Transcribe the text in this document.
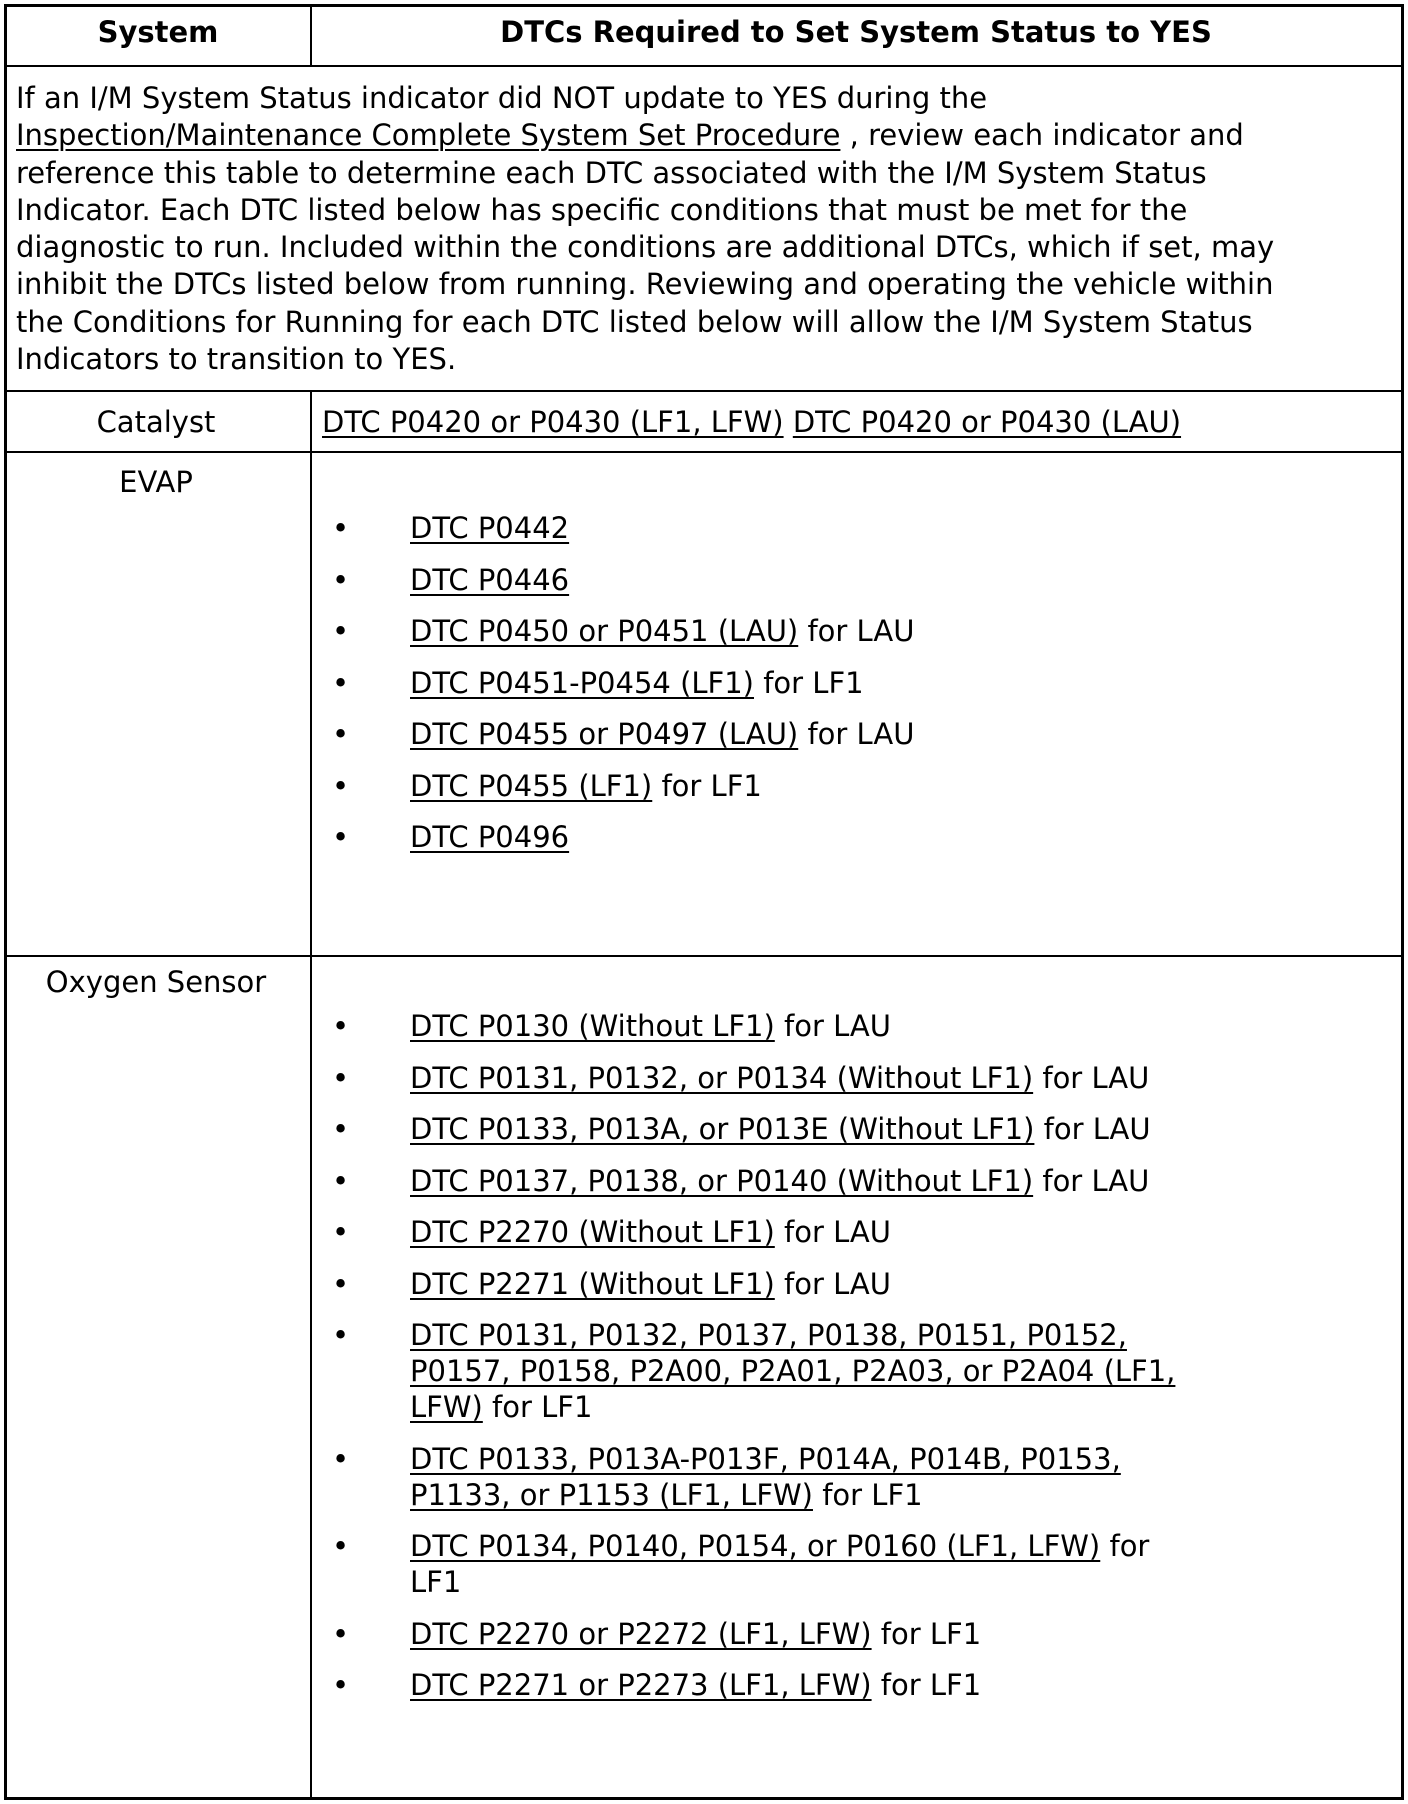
System	DTCs Required to Set System Status to YES
If an I/M System Status indicator did NOT update to YES during the
Inspection/Maintenance Complete System Set Procedure , review each indicator and
reference this table to determine each DTC associated with the I/M System Status
Indicator. Each DTC listed below has specific conditions that must be met for the
diagnostic to run. Included within the conditions are additional DTCs, which if set, may
inhibit the DTCs listed below from running. Reviewing and operating the vehicle within
the Conditions for Running for each DTC listed below will allow the I/M System Status
Indicators to transition to YES.
Catalyst	DTC P0420 or P0430 (LF1, LFW) DTC P0420 or P0430 (LAU)
EVAP
• DTC P0442
• DTC P0446
• DTC P0450 or P0451 (LAU) for LAU
• DTC P0451-P0454 (LF1) for LF1
• DTC P0455 or P0497 (LAU) for LAU
• DTC P0455 (LF1) for LF1
• DTC P0496
Oxygen Sensor
• DTC P0130 (Without LF1) for LAU
• DTC P0131, P0132, or P0134 (Without LF1) for LAU
• DTC P0133, P013A, or P013E (Without LF1) for LAU
• DTC P0137, P0138, or P0140 (Without LF1) for LAU
• DTC P2270 (Without LF1) for LAU
• DTC P2271 (Without LF1) for LAU
• DTC P0131, P0132, P0137, P0138, P0151, P0152,
P0157, P0158, P2A00, P2A01, P2A03, or P2A04 (LF1,
LFW) for LF1
• DTC P0133, P013A-P013F, P014A, P014B, P0153,
P1133, or P1153 (LF1, LFW) for LF1
• DTC P0134, P0140, P0154, or P0160 (LF1, LFW) for
LF1
• DTC P2270 or P2272 (LF1, LFW) for LF1
• DTC P2271 or P2273 (LF1, LFW) for LF1
